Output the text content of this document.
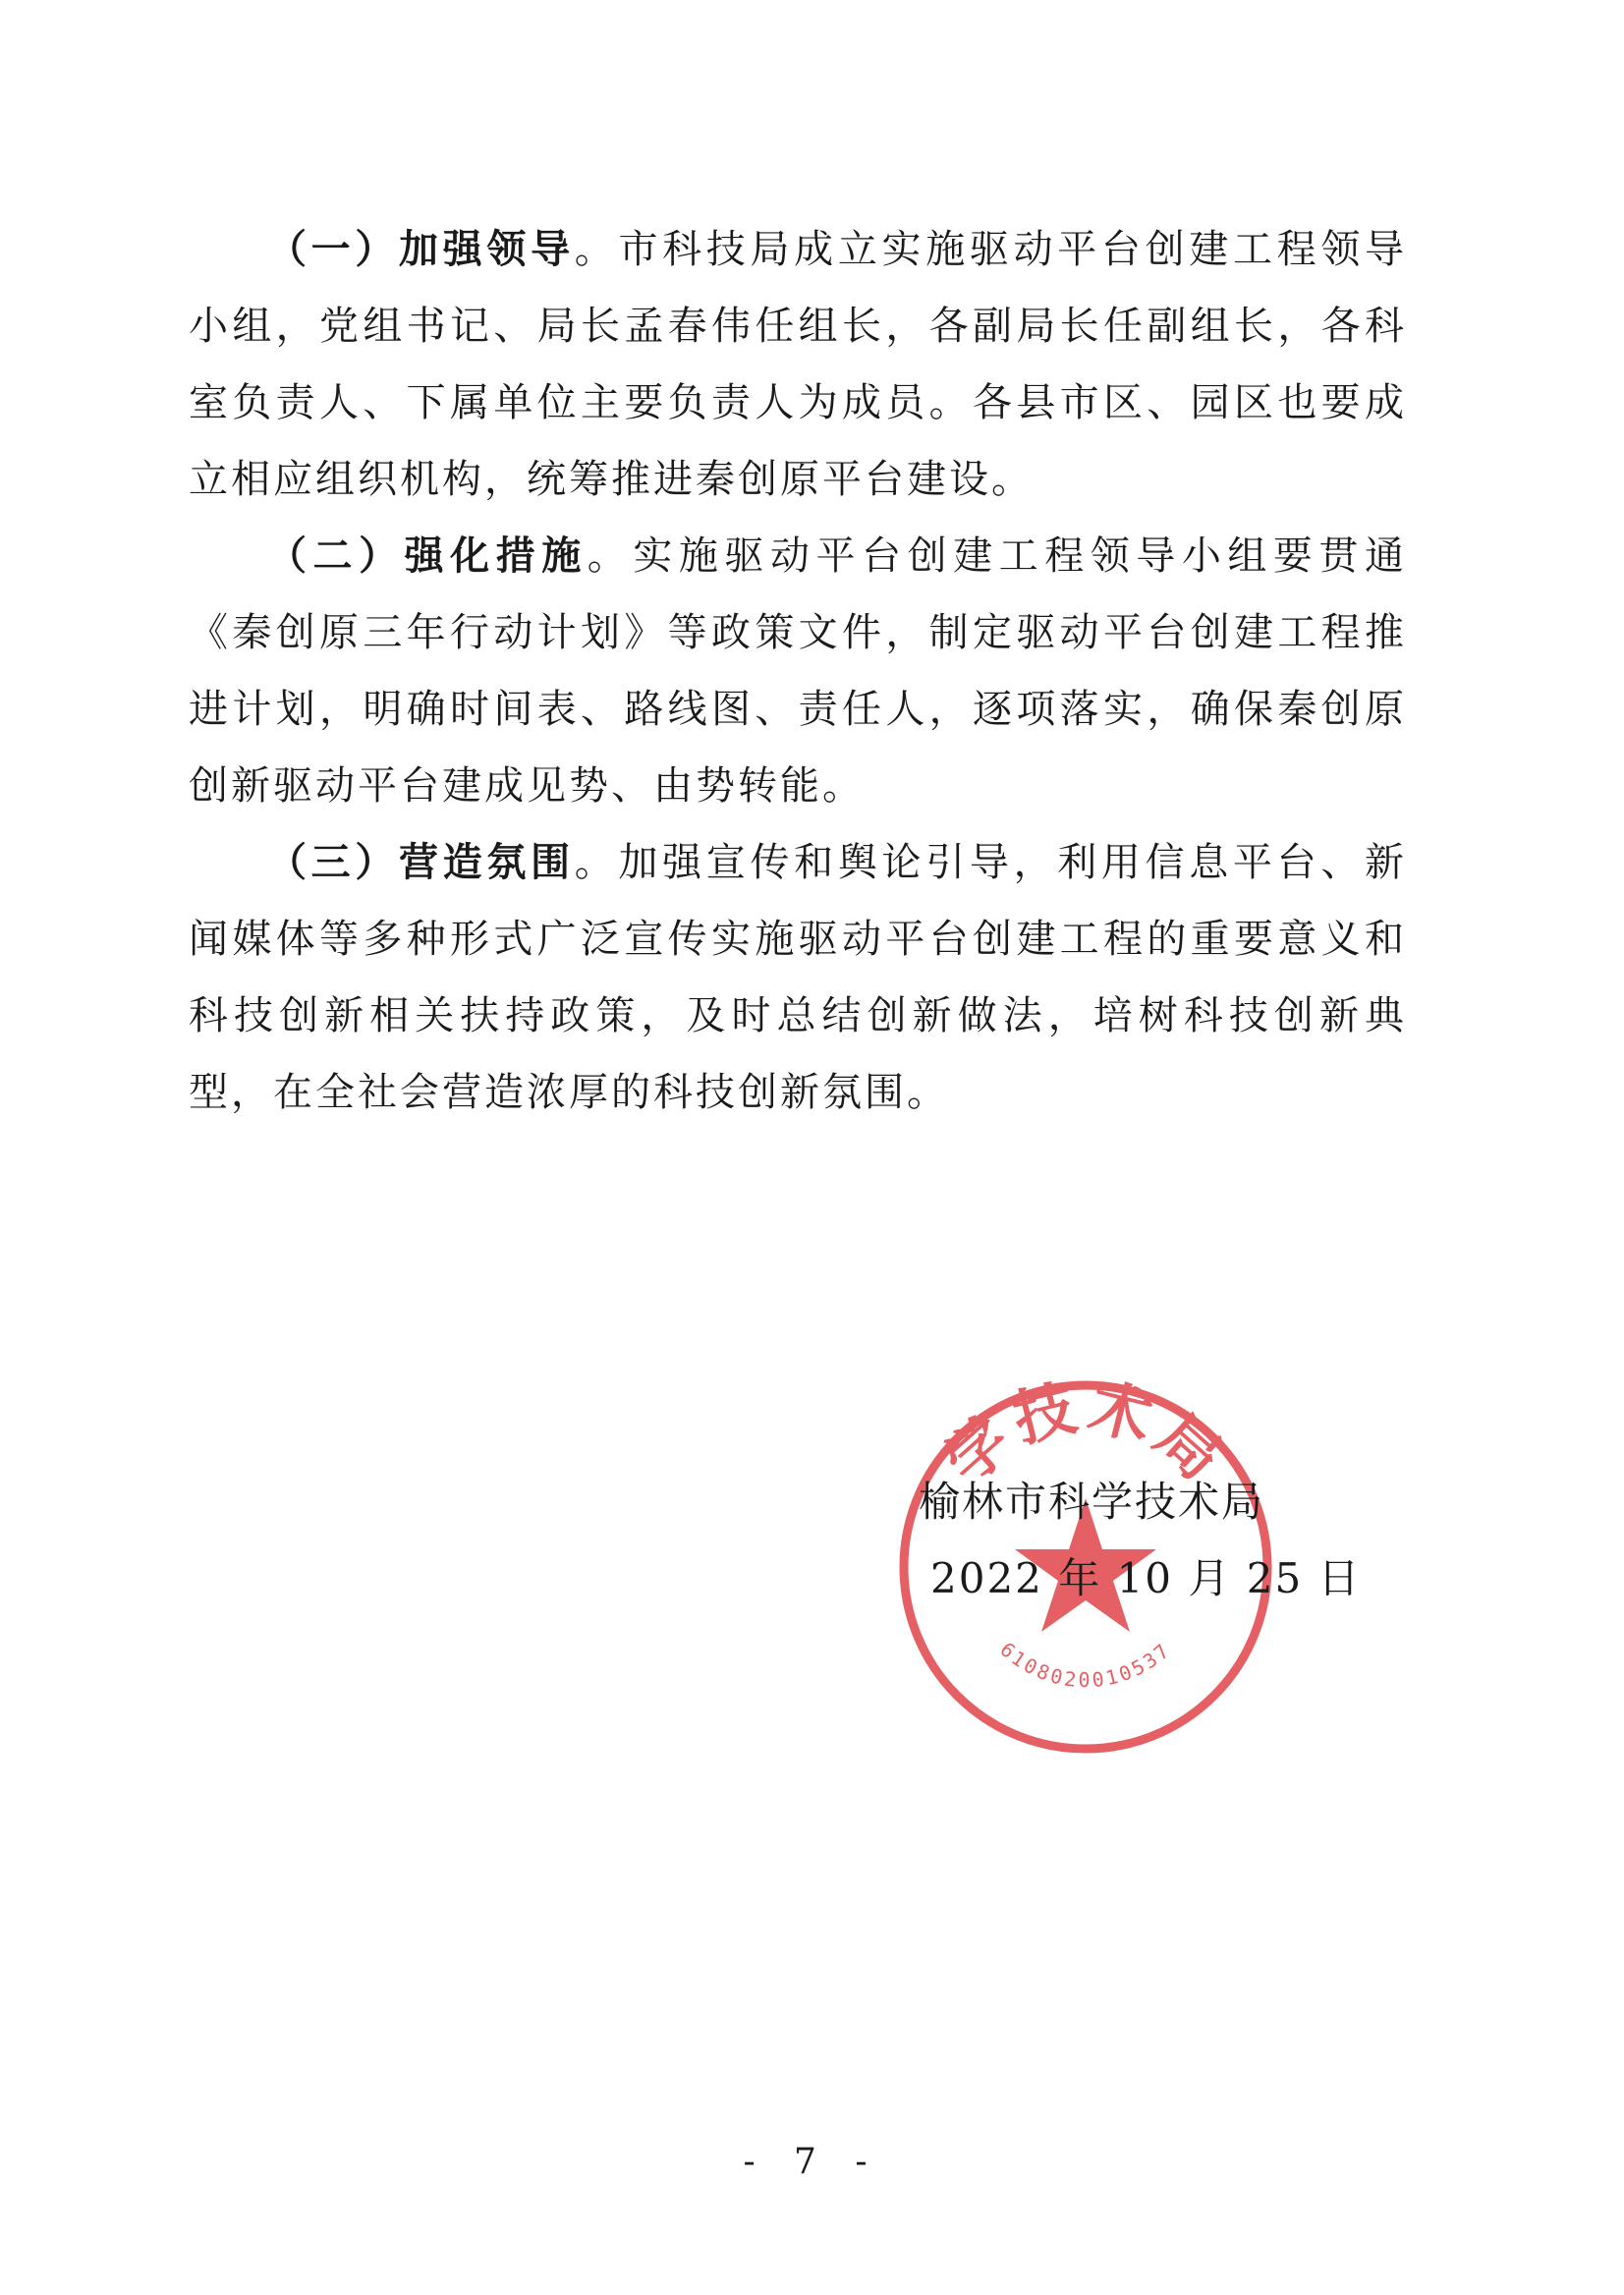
（一）加强领导。市科技局成立实施驱动平台创建工程领导小组，党组书记、局长孟春伟任组长，各副局长任副组长，各科室负责人、下属单位主要负责人为成员。各县市区、园区也要成立相应组织机构，统筹推进秦创原平台建设。

（二）强化措施。实施驱动平台创建工程领导小组要贯通《秦创原三年行动计划》等政策文件，制定驱动平台创建工程推进计划，明确时间表、路线图、责任人，逐项落实，确保秦创原创新驱动平台建成见势、由势转能。

（三）营造氛围。加强宣传和舆论引导，利用信息平台、新闻媒体等多种形式广泛宣传实施驱动平台创建工程的重要意义和科技创新相关扶持政策，及时总结创新做法，培树科技创新典型，在全社会营造浓厚的科技创新氛围。

学技术局
6108020010537
榆林市科学技术局
2022 年 10 月 25 日
- 7 -
